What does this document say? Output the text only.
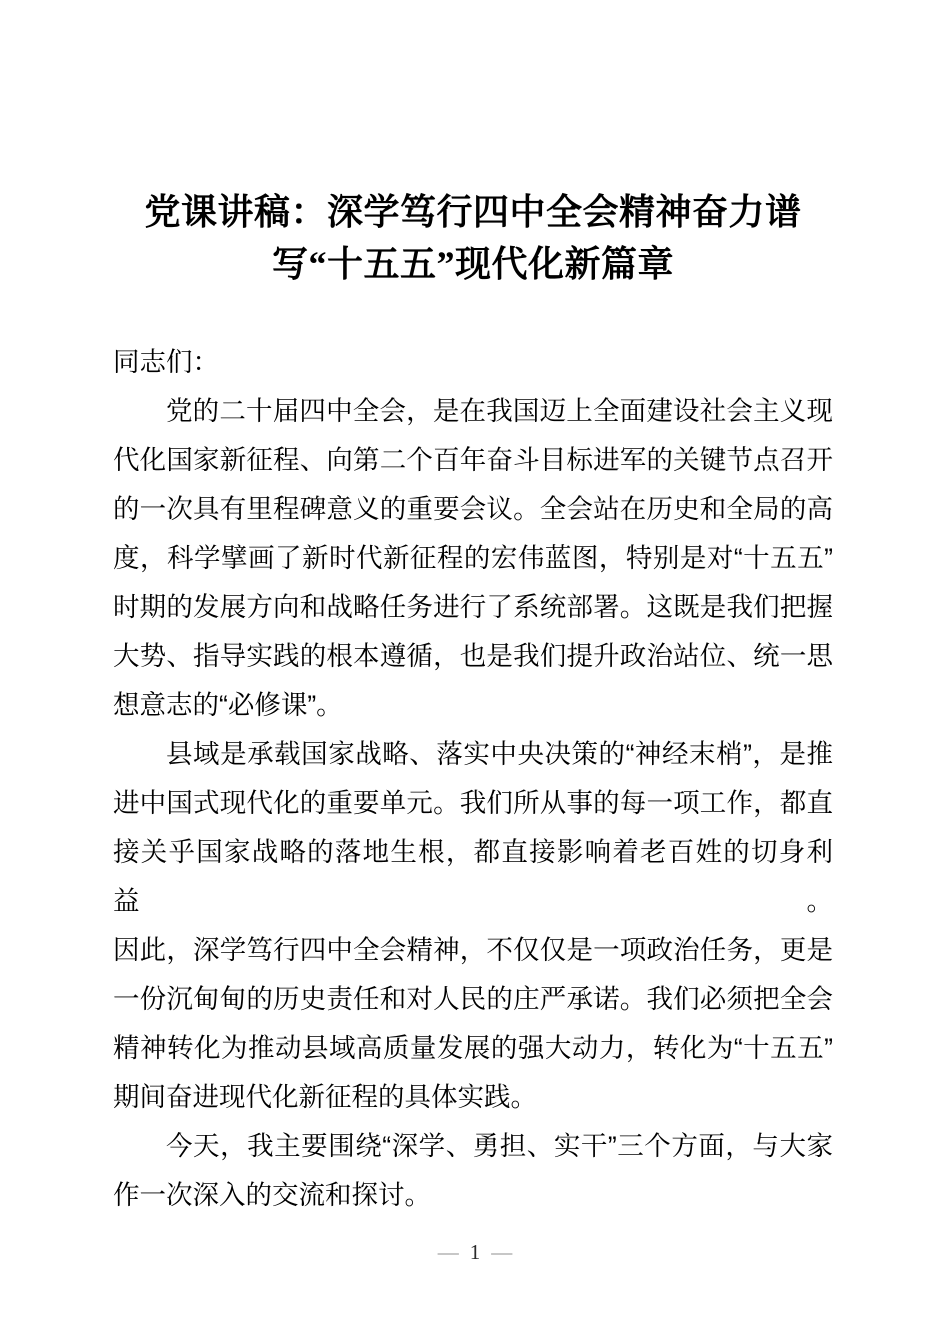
党课讲稿：深学笃行四中全会精神奋力谱
写“十五五”现代化新篇章
同志们：
党的二十届四中全会，是在我国迈上全面建设社会主义现
代化国家新征程、向第二个百年奋斗目标进军的关键节点召开
的一次具有里程碑意义的重要会议。全会站在历史和全局的高
度，科学擘画了新时代新征程的宏伟蓝图，特别是对“十五五”
时期的发展方向和战略任务进行了系统部署。这既是我们把握
大势、指导实践的根本遵循，也是我们提升政治站位、统一思
想意志的“必修课”。
县域是承载国家战略、落实中央决策的“神经末梢”，是推
进中国式现代化的重要单元。我们所从事的每一项工作，都直
接关乎国家战略的落地生根，都直接影响着老百姓的切身利益。
因此，深学笃行四中全会精神，不仅仅是一项政治任务，更是
一份沉甸甸的历史责任和对人民的庄严承诺。我们必须把全会
精神转化为推动县域高质量发展的强大动力，转化为“十五五”
期间奋进现代化新征程的具体实践。
今天，我主要围绕“深学、勇担、实干”三个方面，与大家
作一次深入的交流和探讨。
— 1 —
